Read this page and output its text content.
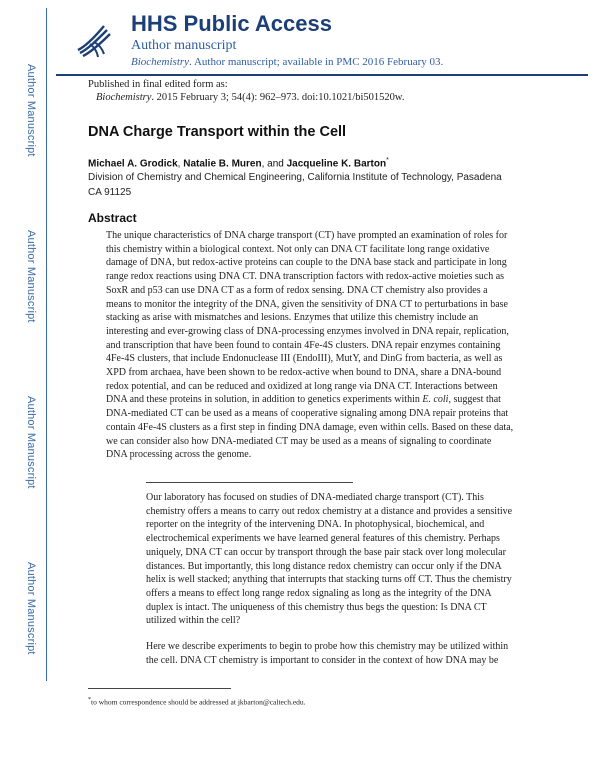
Author Manuscript
Author Manuscript
Author Manuscript
Author Manuscript
HHS Public Access
Author manuscript
Biochemistry. Author manuscript; available in PMC 2016 February 03.
Published in final edited form as:
Biochemistry. 2015 February 3; 54(4): 962–973. doi:10.1021/bi501520w.
DNA Charge Transport within the Cell
Michael A. Grodick, Natalie B. Muren, and Jacqueline K. Barton*
Division of Chemistry and Chemical Engineering, California Institute of Technology, Pasadena CA 91125
Abstract

The unique characteristics of DNA charge transport (CT) have prompted an examination of roles for this chemistry within a biological context. Not only can DNA CT facilitate long range oxidative damage of DNA, but redox-active proteins can couple to the DNA base stack and participate in long range redox reactions using DNA CT. DNA transcription factors with redox-active moieties such as SoxR and p53 can use DNA CT as a form of redox sensing. DNA CT chemistry also provides a means to monitor the integrity of the DNA, given the sensitivity of DNA CT to perturbations in base stacking as arise with mismatches and lesions. Enzymes that utilize this chemistry include an interesting and ever-growing class of DNA-processing enzymes involved in DNA repair, replication, and transcription that have been found to contain 4Fe-4S clusters. DNA repair enzymes containing 4Fe-4S clusters, that include Endonuclease III (EndoIII), MutY, and DinG from bacteria, as well as XPD from archaea, have been shown to be redox-active when bound to DNA, share a DNA-bound redox potential, and can be reduced and oxidized at long range via DNA CT. Interactions between DNA and these proteins in solution, in addition to genetics experiments within E. coli, suggest that DNA-mediated CT can be used as a means of cooperative signaling among DNA repair proteins that contain 4Fe-4S clusters as a first step in finding DNA damage, even within cells. Based on these data, we can consider also how DNA-mediated CT may be used as a means of signaling to coordinate DNA processing across the genome.

Our laboratory has focused on studies of DNA-mediated charge transport (CT). This chemistry offers a means to carry out redox chemistry at a distance and provides a sensitive reporter on the integrity of the intervening DNA. In photophysical, biochemical, and electrochemical experiments we have learned general features of this chemistry. Perhaps uniquely, DNA CT can occur by transport through the base pair stack over long molecular distances. But importantly, this long distance redox chemistry can occur only if the DNA helix is well stacked; anything that interrupts that stacking turns off CT. Thus the chemistry offers a means to effect long range redox signaling as long as the integrity of the DNA duplex is intact. The uniqueness of this chemistry thus begs the question: Is DNA CT utilized within the cell?

Here we describe experiments to begin to probe how this chemistry may be utilized within the cell. DNA CT chemistry is important to consider in the context of how DNA may be

*to whom correspondence should be addressed at jkbarton@caltech.edu.
